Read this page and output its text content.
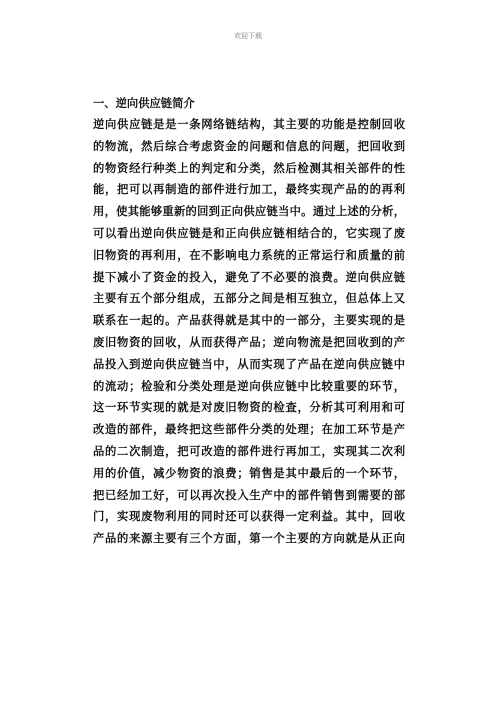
欢迎下载
一、逆向供应链简介
逆向供应链是是一条网络链结构，其主要的功能是控制回收
的物流，然后综合考虑资金的问题和信息的问题，把回收到
的物资经行种类上的判定和分类，然后检测其相关部件的性
能，把可以再制造的部件进行加工，最终实现产品的的再利
用，使其能够重新的回到正向供应链当中。通过上述的分析，
可以看出逆向供应链是和正向供应链相结合的，它实现了废
旧物资的再利用，在不影响电力系统的正常运行和质量的前
提下减小了资金的投入，避免了不必要的浪费。逆向供应链
主要有五个部分组成，五部分之间是相互独立，但总体上又
联系在一起的。产品获得就是其中的一部分，主要实现的是
废旧物资的回收，从而获得产品；逆向物流是把回收到的产
品投入到逆向供应链当中，从而实现了产品在逆向供应链中
的流动；检验和分类处理是逆向供应链中比较重要的环节，
这一环节实现的就是对废旧物资的检查，分析其可利用和可
改造的部件，最终把这些部件分类的处理；在加工环节是产
品的二次制造，把可改造的部件进行再加工，实现其二次利
用的价值，减少物资的浪费；销售是其中最后的一个环节，
把已经加工好，可以再次投入生产中的部件销售到需要的部
门，实现废物利用的同时还可以获得一定利益。其中，回收
产品的来源主要有三个方面，第一个主要的方向就是从正向
